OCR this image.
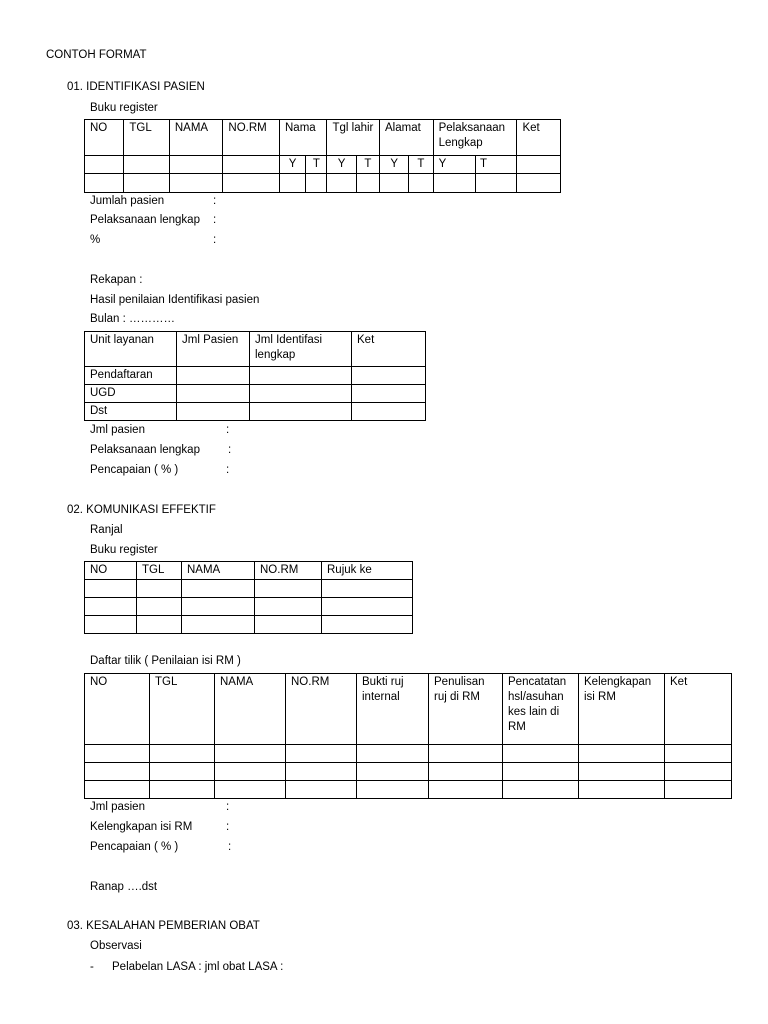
CONTOH FORMAT
01. IDENTIFIKASI PASIEN
Buku register
NO	TGL	NAMA	NO.RM	Nama		Tgl lahir		Alamat		Pelaksanaan Lengkap		Ket
				Y	T	Y	T	Y	T	Y	T	

Jumlah pasien	:
Pelaksanaan lengkap :
%	:
Rekapan :
Hasil penilaian Identifikasi pasien
Bulan : …………
Unit layanan	Jml Pasien	Jml Identifasi lengkap	Ket
Pendaftaran			
UGD			
Dst			
Jml pasien	:
Pelaksanaan lengkap :
Pencapaian ( % )	:
02. KOMUNIKASI EFFEKTIF
Ranjal
Buku register
NO	TGL	NAMA	NO.RM	Rujuk ke

Daftar tilik ( Penilaian isi RM )
NO	TGL	NAMA	NO.RM	Bukti ruj internal	Penulisan ruj di RM	Pencatatan hsl/asuhan kes lain di RM	Kelengkapan isi RM	Ket

Jml pasien	:
Kelengkapan isi RM	:
Pencapaian ( % )	:
Ranap ….dst
03. KESALAHAN PEMBERIAN OBAT
Observasi
- Pelabelan LASA : jml obat LASA :
